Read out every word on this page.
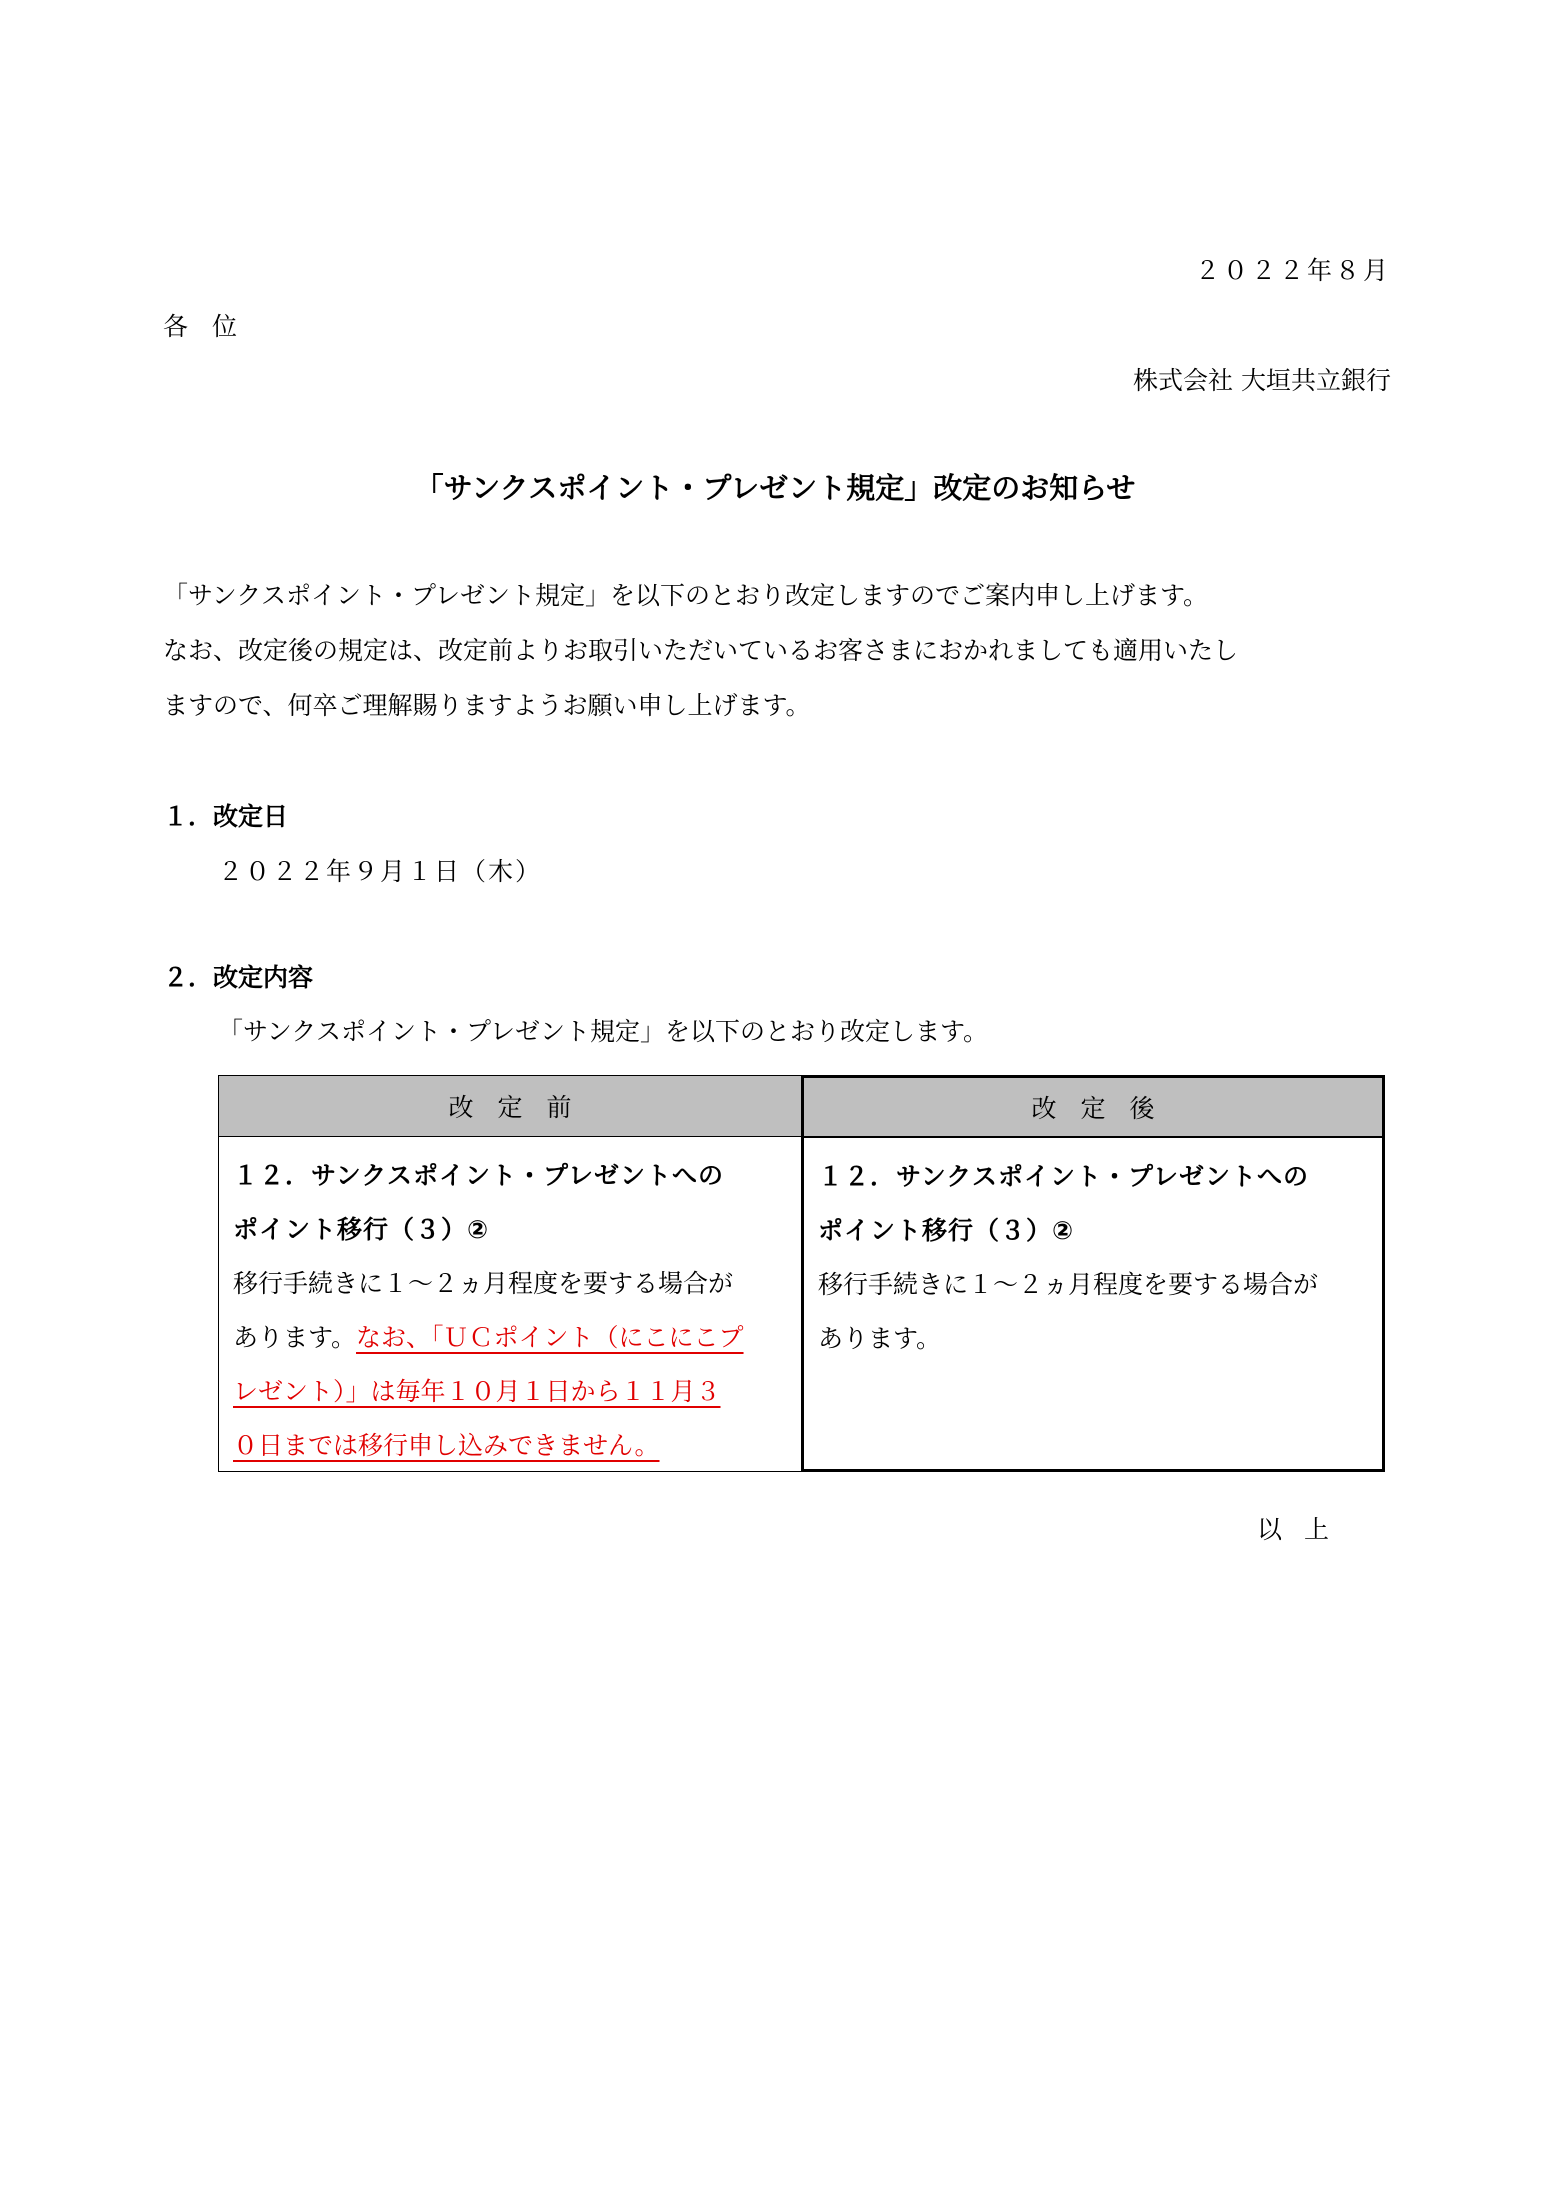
２０２２年８月
各 位
株式会社 大垣共立銀行
「サンクスポイント・プレゼント規定」改定のお知らせ
「サンクスポイント・プレゼント規定」を以下のとおり改定しますのでご案内申し上げます。
なお、改定後の規定は、改定前よりお取引いただいているお客さまにおかれましても適用いたし
ますので、何卒ご理解賜りますようお願い申し上げます。
１．改定日
２０２２年９月１日（木）
２．改定内容
「サンクスポイント・プレゼント規定」を以下のとおり改定します。
改定前
１２．サンクスポイント・プレゼントへの
ポイント移行（３）②
移行手続きに１～２ヵ月程度を要する場合が
あります。なお、「ＵＣポイント（にこにこプ
レゼント）」は毎年１０月１日から１１月３
０日までは移行申し込みできません。
改定後
１２．サンクスポイント・プレゼントへの
ポイント移行（３）②
移行手続きに１～２ヵ月程度を要する場合が
あります。
以上
